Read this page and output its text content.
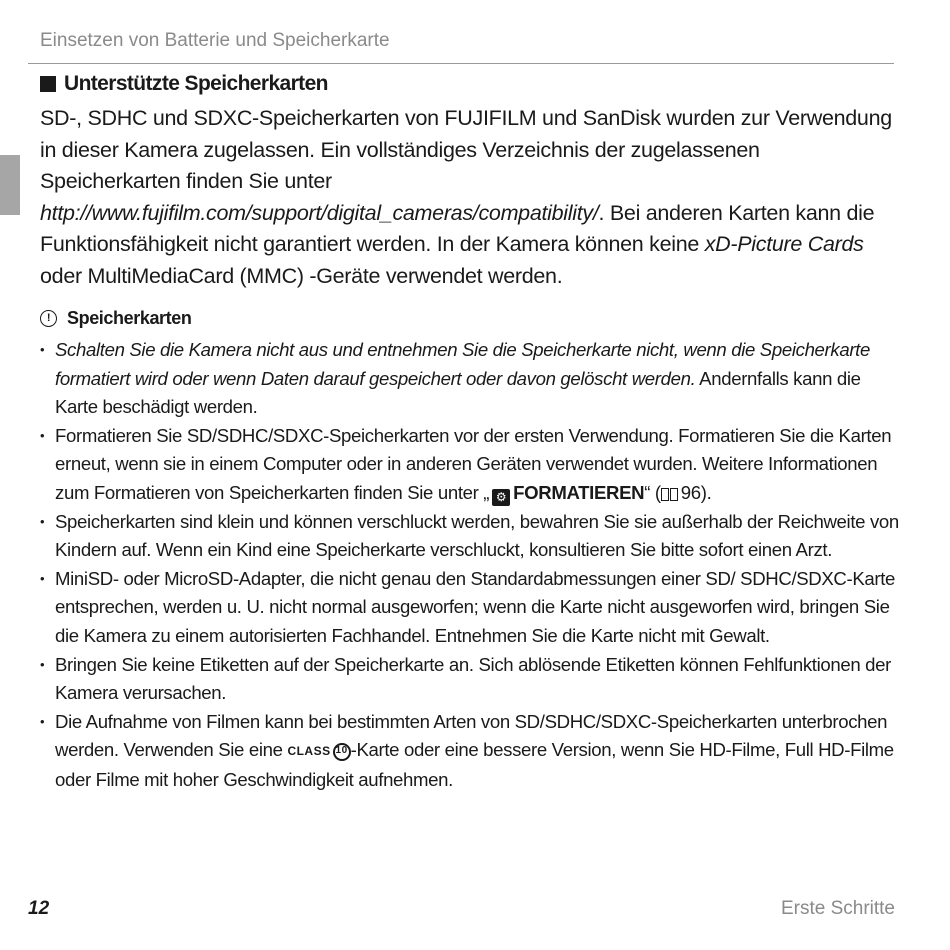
Einsetzen von Batterie und Speicherkarte
Unterstützte Speicherkarten

SD-, SDHC und SDXC-Speicherkarten von FUJIFILM und SanDisk wurden zur Verwendung in dieser Kamera zugelassen. Ein vollständiges Verzeichnis der zugelassenen Speicherkarten finden Sie unter
http://www.fujifilm.com/support/digital_cameras/compatibility/. Bei anderen Karten kann die Funktionsfähigkeit nicht garantiert werden. In der Kamera können keine xD-Picture Cards oder MultiMediaCard (MMC) -Geräte verwendet werden.

! Speicherkarten
• Schalten Sie die Kamera nicht aus und entnehmen Sie die Speicherkarte nicht, wenn die Speicherkarte formatiert wird oder wenn Daten darauf gespeichert oder davon gelöscht werden. Andernfalls kann die Karte beschädigt werden.
• Formatieren Sie SD/SDHC/SDXC-Speicherkarten vor der ersten Verwendung. Formatieren Sie die Karten erneut, wenn sie in einem Computer oder in anderen Geräten verwendet wurden. Weitere Informationen zum Formatieren von Speicherkarten finden Sie unter „ ⚙ FORMATIEREN“ ( 96).
• Speicherkarten sind klein und können verschluckt werden, bewahren Sie sie außerhalb der Reichweite von Kindern auf. Wenn ein Kind eine Speicherkarte verschluckt, konsultieren Sie bitte sofort einen Arzt.
• MiniSD- oder MicroSD-Adapter, die nicht genau den Standardabmessungen einer SD/ SDHC/SDXC-Karte entsprechen, werden u. U. nicht normal ausgeworfen; wenn die Karte nicht ausgeworfen wird, bringen Sie die Kamera zu einem autorisierten Fachhandel. Entnehmen Sie die Karte nicht mit Gewalt.
• Bringen Sie keine Etiketten auf der Speicherkarte an. Sich ablösende Etiketten können Fehlfunktionen der Kamera verursachen.
• Die Aufnahme von Filmen kann bei bestimmten Arten von SD/SDHC/SDXC-Speicherkarten unterbrochen werden. Verwenden Sie eine CLASS 10 -Karte oder eine bessere Version, wenn Sie HD-Filme, Full HD-Filme oder Filme mit hoher Geschwindigkeit aufnehmen.
12	Erste Schritte
